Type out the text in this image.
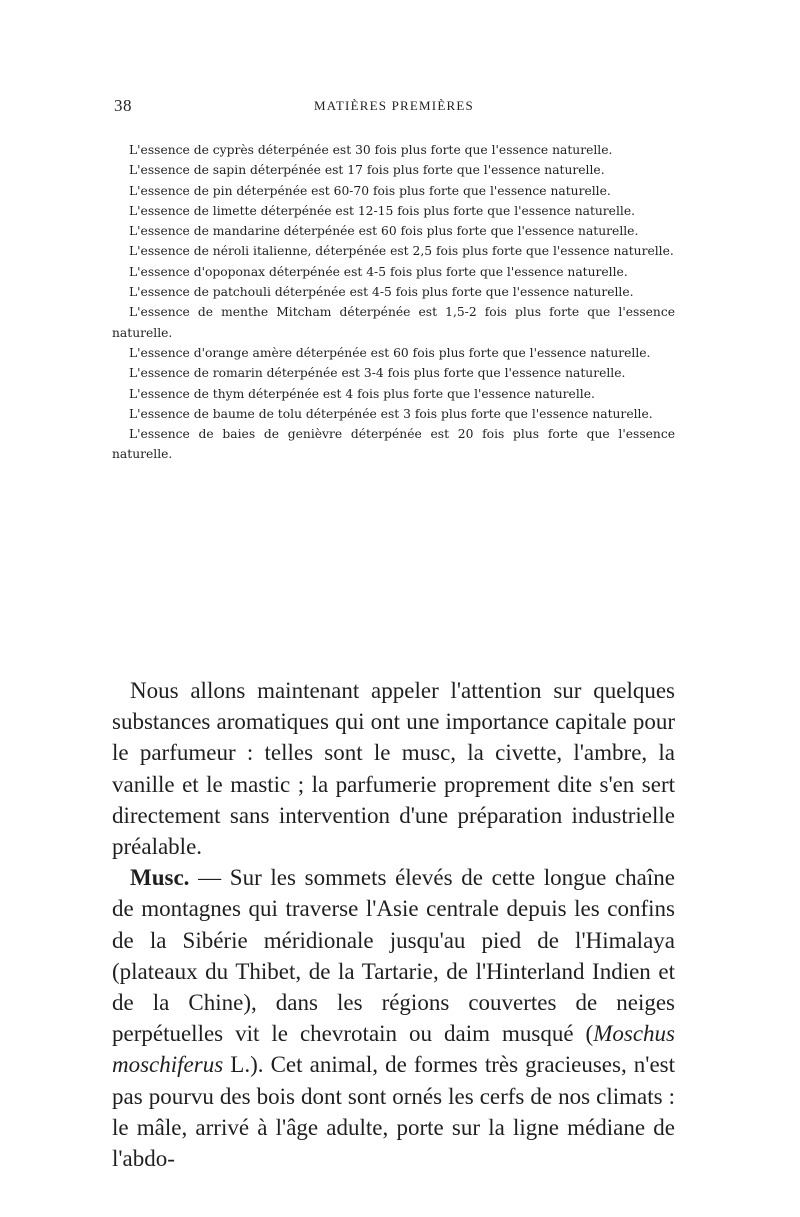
38	MATIÈRES PREMIÈRES

L'essence de cyprès déterpénée est 30 fois plus forte que l'essence naturelle.

L'essence de sapin déterpénée est 17 fois plus forte que l'essence naturelle.

L'essence de pin déterpénée est 60-70 fois plus forte que l'essence naturelle.

L'essence de limette déterpénée est 12-15 fois plus forte que l'essence naturelle.

L'essence de mandarine déterpénée est 60 fois plus forte que l'essence naturelle.

L'essence de néroli italienne, déterpénée est 2,5 fois plus forte que l'essence naturelle.

L'essence d'opoponax déterpénée est 4-5 fois plus forte que l'essence naturelle.

L'essence de patchouli déterpénée est 4-5 fois plus forte que l'essence naturelle.

L'essence de menthe Mitcham déterpénée est 1,5-2 fois plus forte que l'essence naturelle.

L'essence d'orange amère déterpénée est 60 fois plus forte que l'essence naturelle.

L'essence de romarin déterpénée est 3-4 fois plus forte que l'essence naturelle.

L'essence de thym déterpénée est 4 fois plus forte que l'essence naturelle.

L'essence de baume de tolu déterpénée est 3 fois plus forte que l'essence naturelle.

L'essence de baies de genièvre déterpénée est 20 fois plus forte que l'essence naturelle.

Nous allons maintenant appeler l'attention sur quelques substances aromatiques qui ont une importance capitale pour le parfumeur : telles sont le musc, la civette, l'ambre, la vanille et le mastic ; la parfumerie proprement dite s'en sert directement sans intervention d'une préparation industrielle préalable.

Musc. — Sur les sommets élevés de cette longue chaîne de montagnes qui traverse l'Asie centrale depuis les confins de la Sibérie méridionale jusqu'au pied de l'Himalaya (plateaux du Thibet, de la Tartarie, de l'Hinterland Indien et de la Chine), dans les régions couvertes de neiges perpétuelles vit le chevrotain ou daim musqué (Moschus moschiferus L.). Cet animal, de formes très gracieuses, n'est pas pourvu des bois dont sont ornés les cerfs de nos climats : le mâle, arrivé à l'âge adulte, porte sur la ligne médiane de l'abdo-
